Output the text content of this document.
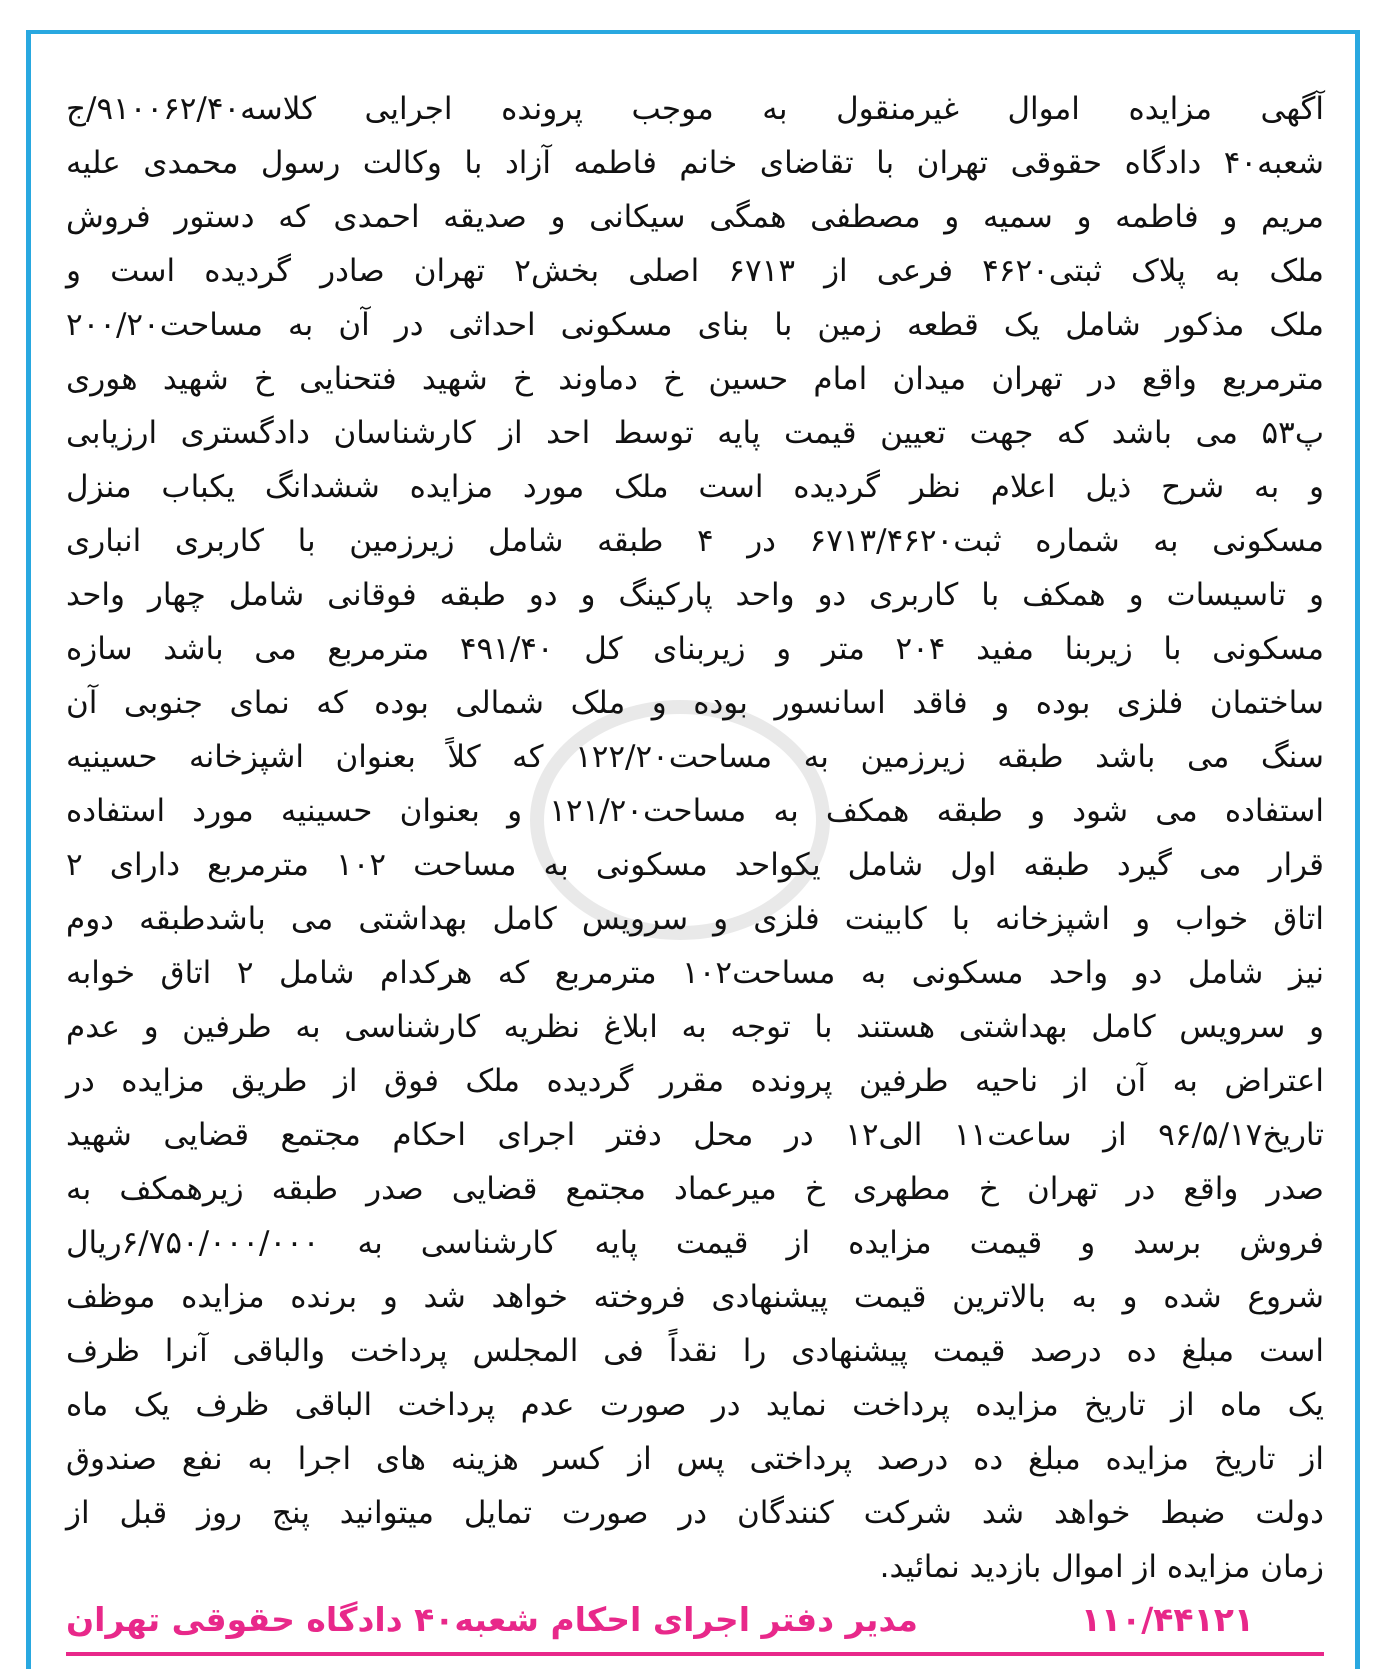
آگهی مزایده اموال غیرمنقول به موجب پرونده اجرایی کلاسه۹۱۰۰۶۲/۴۰/ج
شعبه۴۰ دادگاه حقوقی تهران با تقاضای خانم فاطمه آزاد با وکالت رسول محمدی علیه
مریم و فاطمه و سمیه و مصطفی همگی سیکانی و صدیقه احمدی که دستور فروش
ملک به پلاک ثبتی۴۶۲۰ فرعی از ۶۷۱۳ اصلی بخش۲ تهران صادر گردیده است و
ملک مذکور شامل یک قطعه زمین با بنای مسکونی احداثی در آن به مساحت۲۰۰/۲۰
مترمربع واقع در تهران میدان امام حسین خ دماوند خ شهید فتحنایی خ شهید هوری
پ۵۳ می باشد که جهت تعیین قیمت پایه توسط احد از کارشناسان دادگستری ارزیابی
و به شرح ذیل اعلام نظر گردیده است ملک مورد مزایده ششدانگ یکباب منزل
مسکونی به شماره ثبت۶۷۱۳/۴۶۲۰ در ۴ طبقه شامل زیرزمین با کاربری انباری
و تاسیسات و همکف با کاربری دو واحد پارکینگ و دو طبقه فوقانی شامل چهار واحد
مسکونی با زیربنا مفید ۲۰۴ متر و زیربنای کل ۴۹۱/۴۰ مترمربع می باشد سازه
ساختمان فلزی بوده و فاقد اسانسور بوده و ملک شمالی بوده که نمای جنوبی آن
سنگ می باشد طبقه زیرزمین به مساحت۱۲۲/۲۰ که کلاً بعنوان اشپزخانه حسینیه
استفاده می شود و طبقه همکف به مساحت۱۲۱/۲۰ و بعنوان حسینیه مورد استفاده
قرار می گیرد طبقه اول شامل یکواحد مسکونی به مساحت ۱۰۲ مترمربع دارای ۲
اتاق خواب و اشپزخانه با کابینت فلزی و سرویس کامل بهداشتی می باشدطبقه دوم
نیز شامل دو واحد مسکونی به مساحت۱۰۲ مترمربع که هرکدام شامل ۲ اتاق خوابه
و سرویس کامل بهداشتی هستند با توجه به ابلاغ نظریه کارشناسی به طرفین و عدم
اعتراض به آن از ناحیه طرفین پرونده مقرر گردیده ملک فوق از طریق مزایده در
تاریخ۹۶/۵/۱۷ از ساعت۱۱ الی۱۲ در محل دفتر اجرای احکام مجتمع قضایی شهید
صدر واقع در تهران خ مطهری خ میرعماد مجتمع قضایی صدر طبقه زیرهمکف به
فروش برسد و قیمت مزایده از قیمت پایه کارشناسی به ۶/۷۵۰/۰۰۰/۰۰۰ریال
شروع شده و به بالاترین قیمت پیشنهادی فروخته خواهد شد و برنده مزایده موظف
است مبلغ ده درصد قیمت پیشنهادی را نقداً فی المجلس پرداخت والباقی آنرا ظرف
یک ماه از تاریخ مزایده پرداخت نماید در صورت عدم پرداخت الباقی ظرف یک ماه
از تاریخ مزایده مبلغ ده درصد پرداختی پس از کسر هزینه های اجرا به نفع صندوق
دولت ضبط خواهد شد شرکت کنندگان در صورت تمایل میتوانید پنج روز قبل از
زمان مزایده از اموال بازدید نمائید.
۱۱۰/۴۴۱۲۱
مدیر دفتر اجرای احکام شعبه۴۰ دادگاه حقوقی تهران
